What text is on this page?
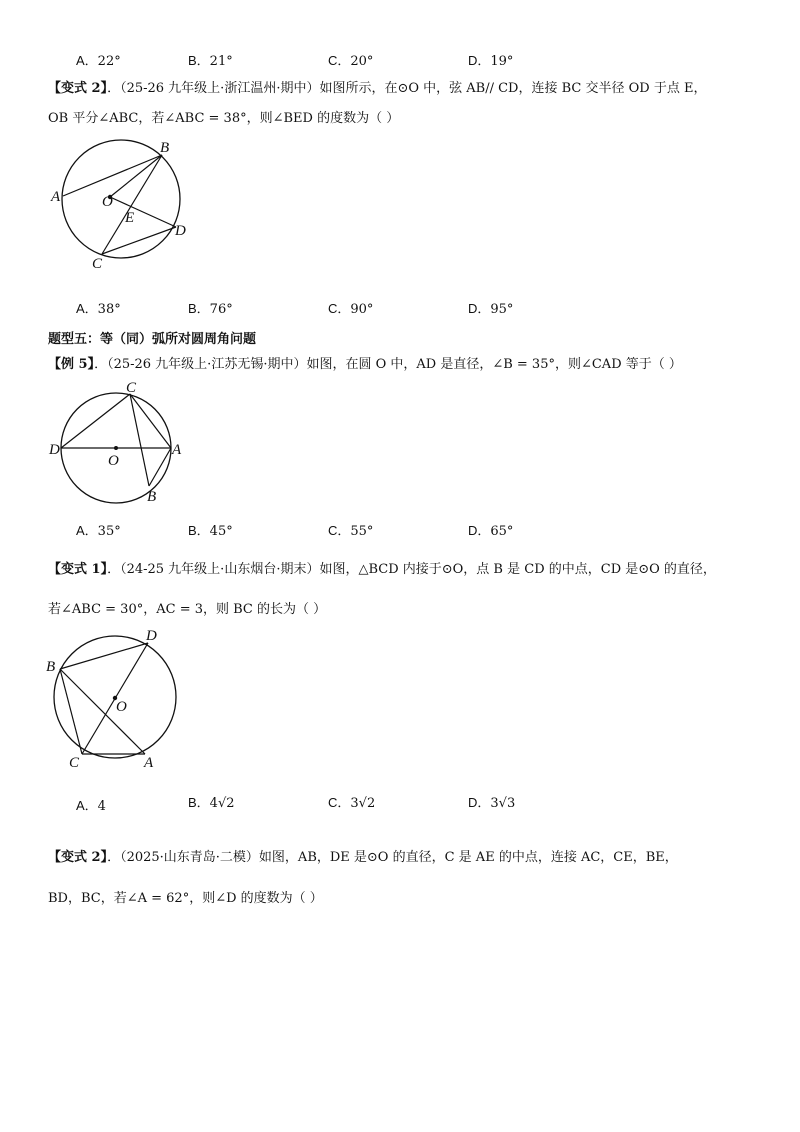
A．22°	B．21°	C．20°	D．19°
【变式 2】．（25-26 九年级上·浙江温州·期中）如图所示，在⊙O 中，弦 AB// CD，连接 BC 交半径 OD 于点 E，
OB 平分∠ABC，若∠ABC = 38°，则∠BED 的度数为（ ）
A
B
C
D
O
E
A．38°	B．76°	C．90°	D．95°
题型五：等（同）弧所对圆周角问题
【例 5】．（25-26 九年级上·江苏无锡·期中）如图，在圆 O 中，AD 是直径，∠B = 35°，则∠CAD 等于（ ）
D
C
A
B
O
A．35°	B．45°	C．55°	D．65°
【变式 1】．（24-25 九年级上·山东烟台·期末）如图，△BCD 内接于⊙O，点 B 是 CD 的中点，CD 是⊙O 的直径，
若∠ABC = 30°，AC = 3，则 BC 的长为（ ）
B
D
C	A
O
A．4	B．4√2	C．3√2	D．3√3
【变式 2】．（2025·山东青岛·二模）如图，AB，DE 是⊙O 的直径，C 是 AE 的中点，连接 AC，CE，BE，
BD，BC，若∠A = 62°，则∠D 的度数为（ ）
